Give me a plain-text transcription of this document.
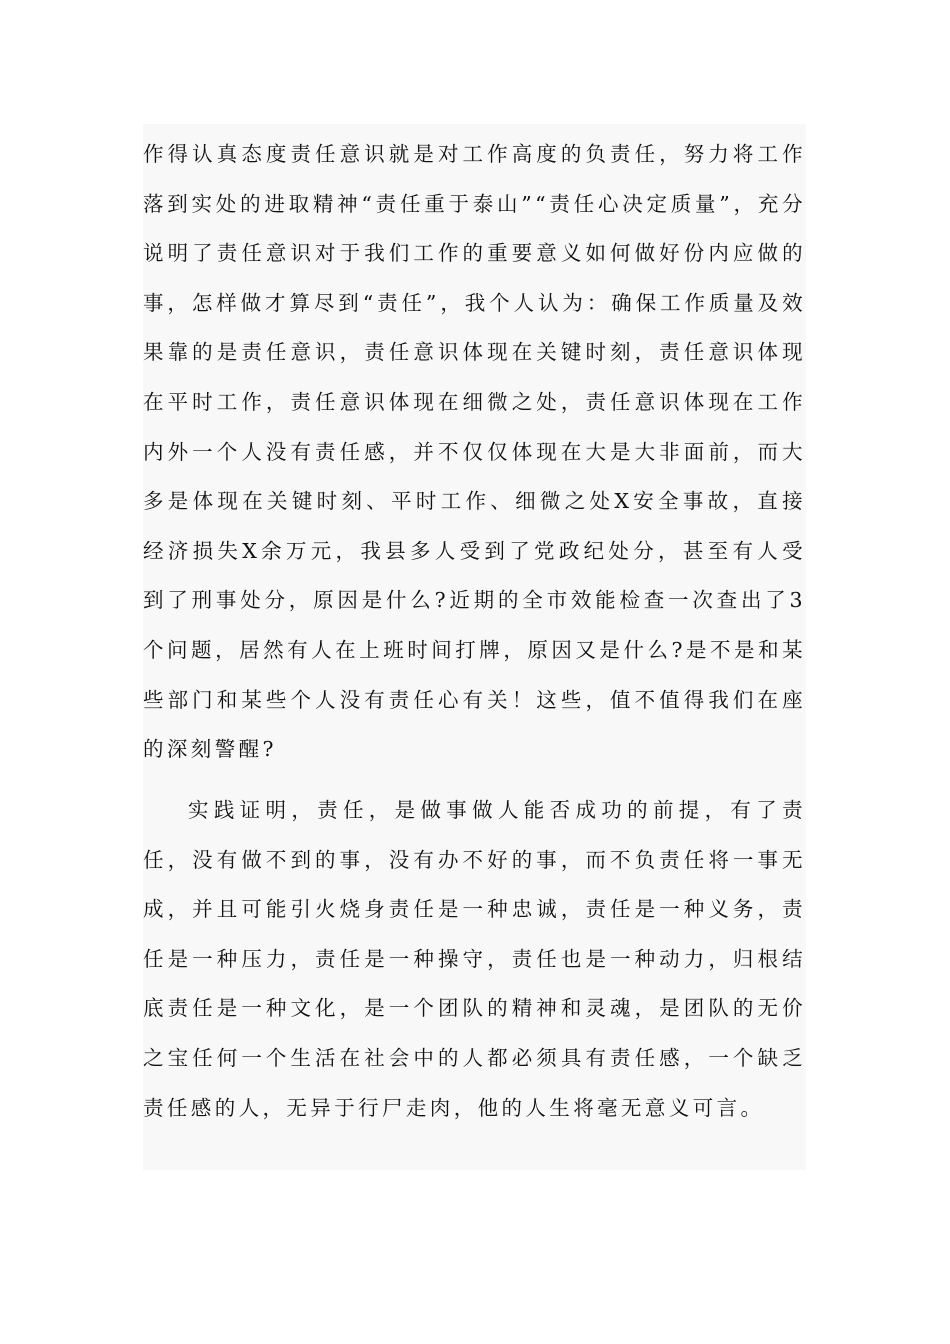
作得认真态度责任意识就是对工作高度的负责任，努力将工作落到实处的进取精神“责任重于泰山”“责任心决定质量”，充分说明了责任意识对于我们工作的重要意义如何做好份内应做的事，怎样做才算尽到“责任”，我个人认为：确保工作质量及效果靠的是责任意识，责任意识体现在关键时刻，责任意识体现在平时工作，责任意识体现在细微之处，责任意识体现在工作内外一个人没有责任感，并不仅仅体现在大是大非面前，而大多是体现在关键时刻、平时工作、细微之处X安全事故，直接经济损失X余万元，我县多人受到了党政纪处分，甚至有人受到了刑事处分，原因是什么?近期的全市效能检查一次查出了3个问题，居然有人在上班时间打牌，原因又是什么?是不是和某些部门和某些个人没有责任心有关！这些，值不值得我们在座的深刻警醒?

实践证明，责任，是做事做人能否成功的前提，有了责任，没有做不到的事，没有办不好的事，而不负责任将一事无成，并且可能引火烧身责任是一种忠诚，责任是一种义务，责任是一种压力，责任是一种操守，责任也是一种动力，归根结底责任是一种文化，是一个团队的精神和灵魂，是团队的无价之宝任何一个生活在社会中的人都必须具有责任感，一个缺乏责任感的人，无异于行尸走肉，他的人生将毫无意义可言。
